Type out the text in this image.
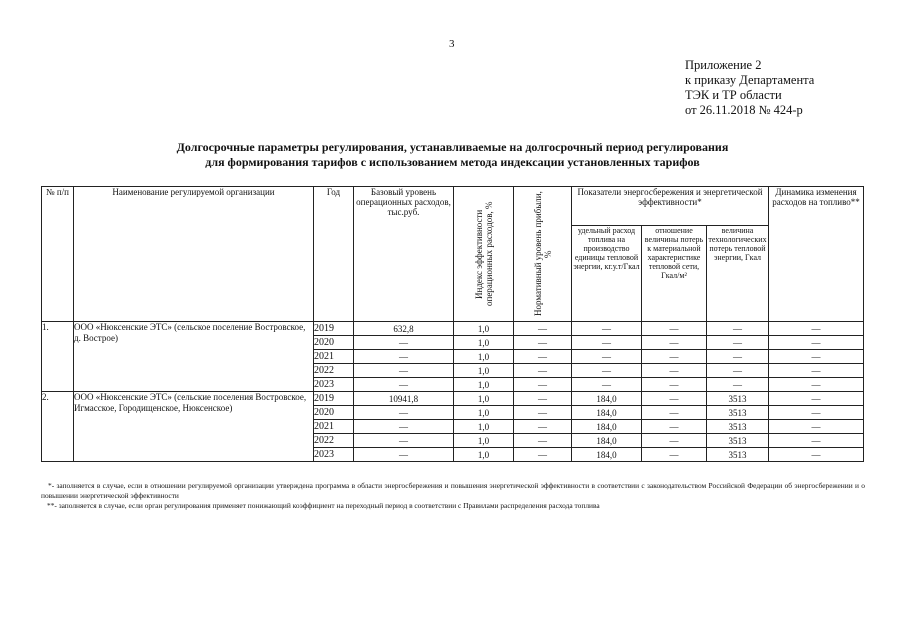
3
Приложение 2
к приказу Департамента
ТЭК и ТР области
от 26.11.2018 № 424-р
Долгосрочные параметры регулирования, устанавливаемые на долгосрочный период регулирования
для формирования тарифов с использованием метода индексации установленных тарифов
№ п/п	Наименование регулируемой организации	Год	Базовый уровень операционных расходов, тыс.руб.	Индекс эффективности операционных расходов, %	Нормативный уровень прибыли, %	Показатели энергосбережения и энергетической эффективности*			Динамика изменения расходов на топливо**
						удельный расход топлива на производство единицы тепловой энергии, кг.у.т/Гкал	отношение величины потерь к материальной характеристике тепловой сети, Гкал/м²	величина технологических потерь тепловой энергии, Гкал	
1.	ООО «Нюксенские ЭТС» (сельское поселение Востровское, д. Вострое)	2019	632,8	1,0	—	—	—	—	—
		2020	—	1,0	—	—	—	—	—
		2021	—	1,0	—	—	—	—	—
		2022	—	1,0	—	—	—	—	—
		2023	—	1,0	—	—	—	—	—
2.	ООО «Нюксенские ЭТС» (сельские поселения Востровское, Игмасское, Городищенское, Нюксенское)	2019	10941,8	1,0	—	184,0	—	3513	—
		2020	—	1,0	—	184,0	—	3513	—
		2021	—	1,0	—	184,0	—	3513	—
		2022	—	1,0	—	184,0	—	3513	—
		2023	—	1,0	—	184,0	—	3513	—

*- заполняется в случае, если в отношении регулируемой организации утверждена программа в области энергосбережения и повышения энергетической эффективности в соответствии с законодательством Российской Федерации об энергосбережении и о повышении энергетической эффективности

**- заполняется в случае, если орган регулирования применяет понижающий коэффициент на переходный период в соответствии с Правилами распределения расхода топлива
